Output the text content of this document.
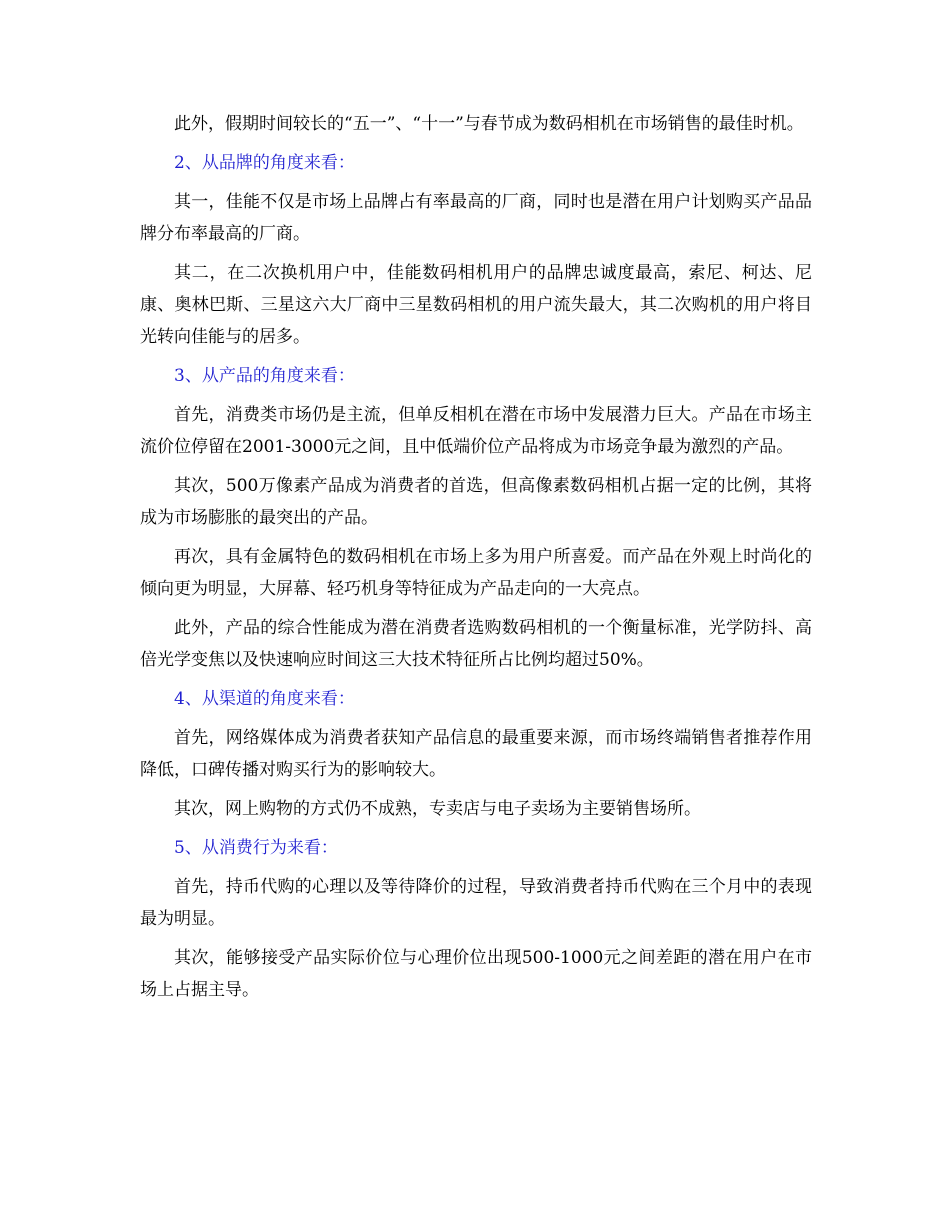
此外，假期时间较长的“五一”、“十一”与春节成为数码相机在市场销售的最佳时机。

2、从品牌的角度来看：

其一，佳能不仅是市场上品牌占有率最高的厂商，同时也是潜在用户计划购买产品品牌分布率最高的厂商。

其二，在二次换机用户中，佳能数码相机用户的品牌忠诚度最高，索尼、柯达、尼康、奥林巴斯、三星这六大厂商中三星数码相机的用户流失最大，其二次购机的用户将目光转向佳能与的居多。

3、从产品的角度来看：

首先，消费类市场仍是主流，但单反相机在潜在市场中发展潜力巨大。产品在市场主流价位停留在2001-3000元之间，且中低端价位产品将成为市场竞争最为激烈的产品。

其次，500万像素产品成为消费者的首选，但高像素数码相机占据一定的比例，其将成为市场膨胀的最突出的产品。

再次，具有金属特色的数码相机在市场上多为用户所喜爱。而产品在外观上时尚化的倾向更为明显，大屏幕、轻巧机身等特征成为产品走向的一大亮点。

此外，产品的综合性能成为潜在消费者选购数码相机的一个衡量标准，光学防抖、高倍光学变焦以及快速响应时间这三大技术特征所占比例均超过50%。

4、从渠道的角度来看：

首先，网络媒体成为消费者获知产品信息的最重要来源，而市场终端销售者推荐作用降低，口碑传播对购买行为的影响较大。

其次，网上购物的方式仍不成熟，专卖店与电子卖场为主要销售场所。

5、从消费行为来看：

首先，持币代购的心理以及等待降价的过程，导致消费者持币代购在三个月中的表现最为明显。

其次，能够接受产品实际价位与心理价位出现500-1000元之间差距的潜在用户在市场上占据主导。
